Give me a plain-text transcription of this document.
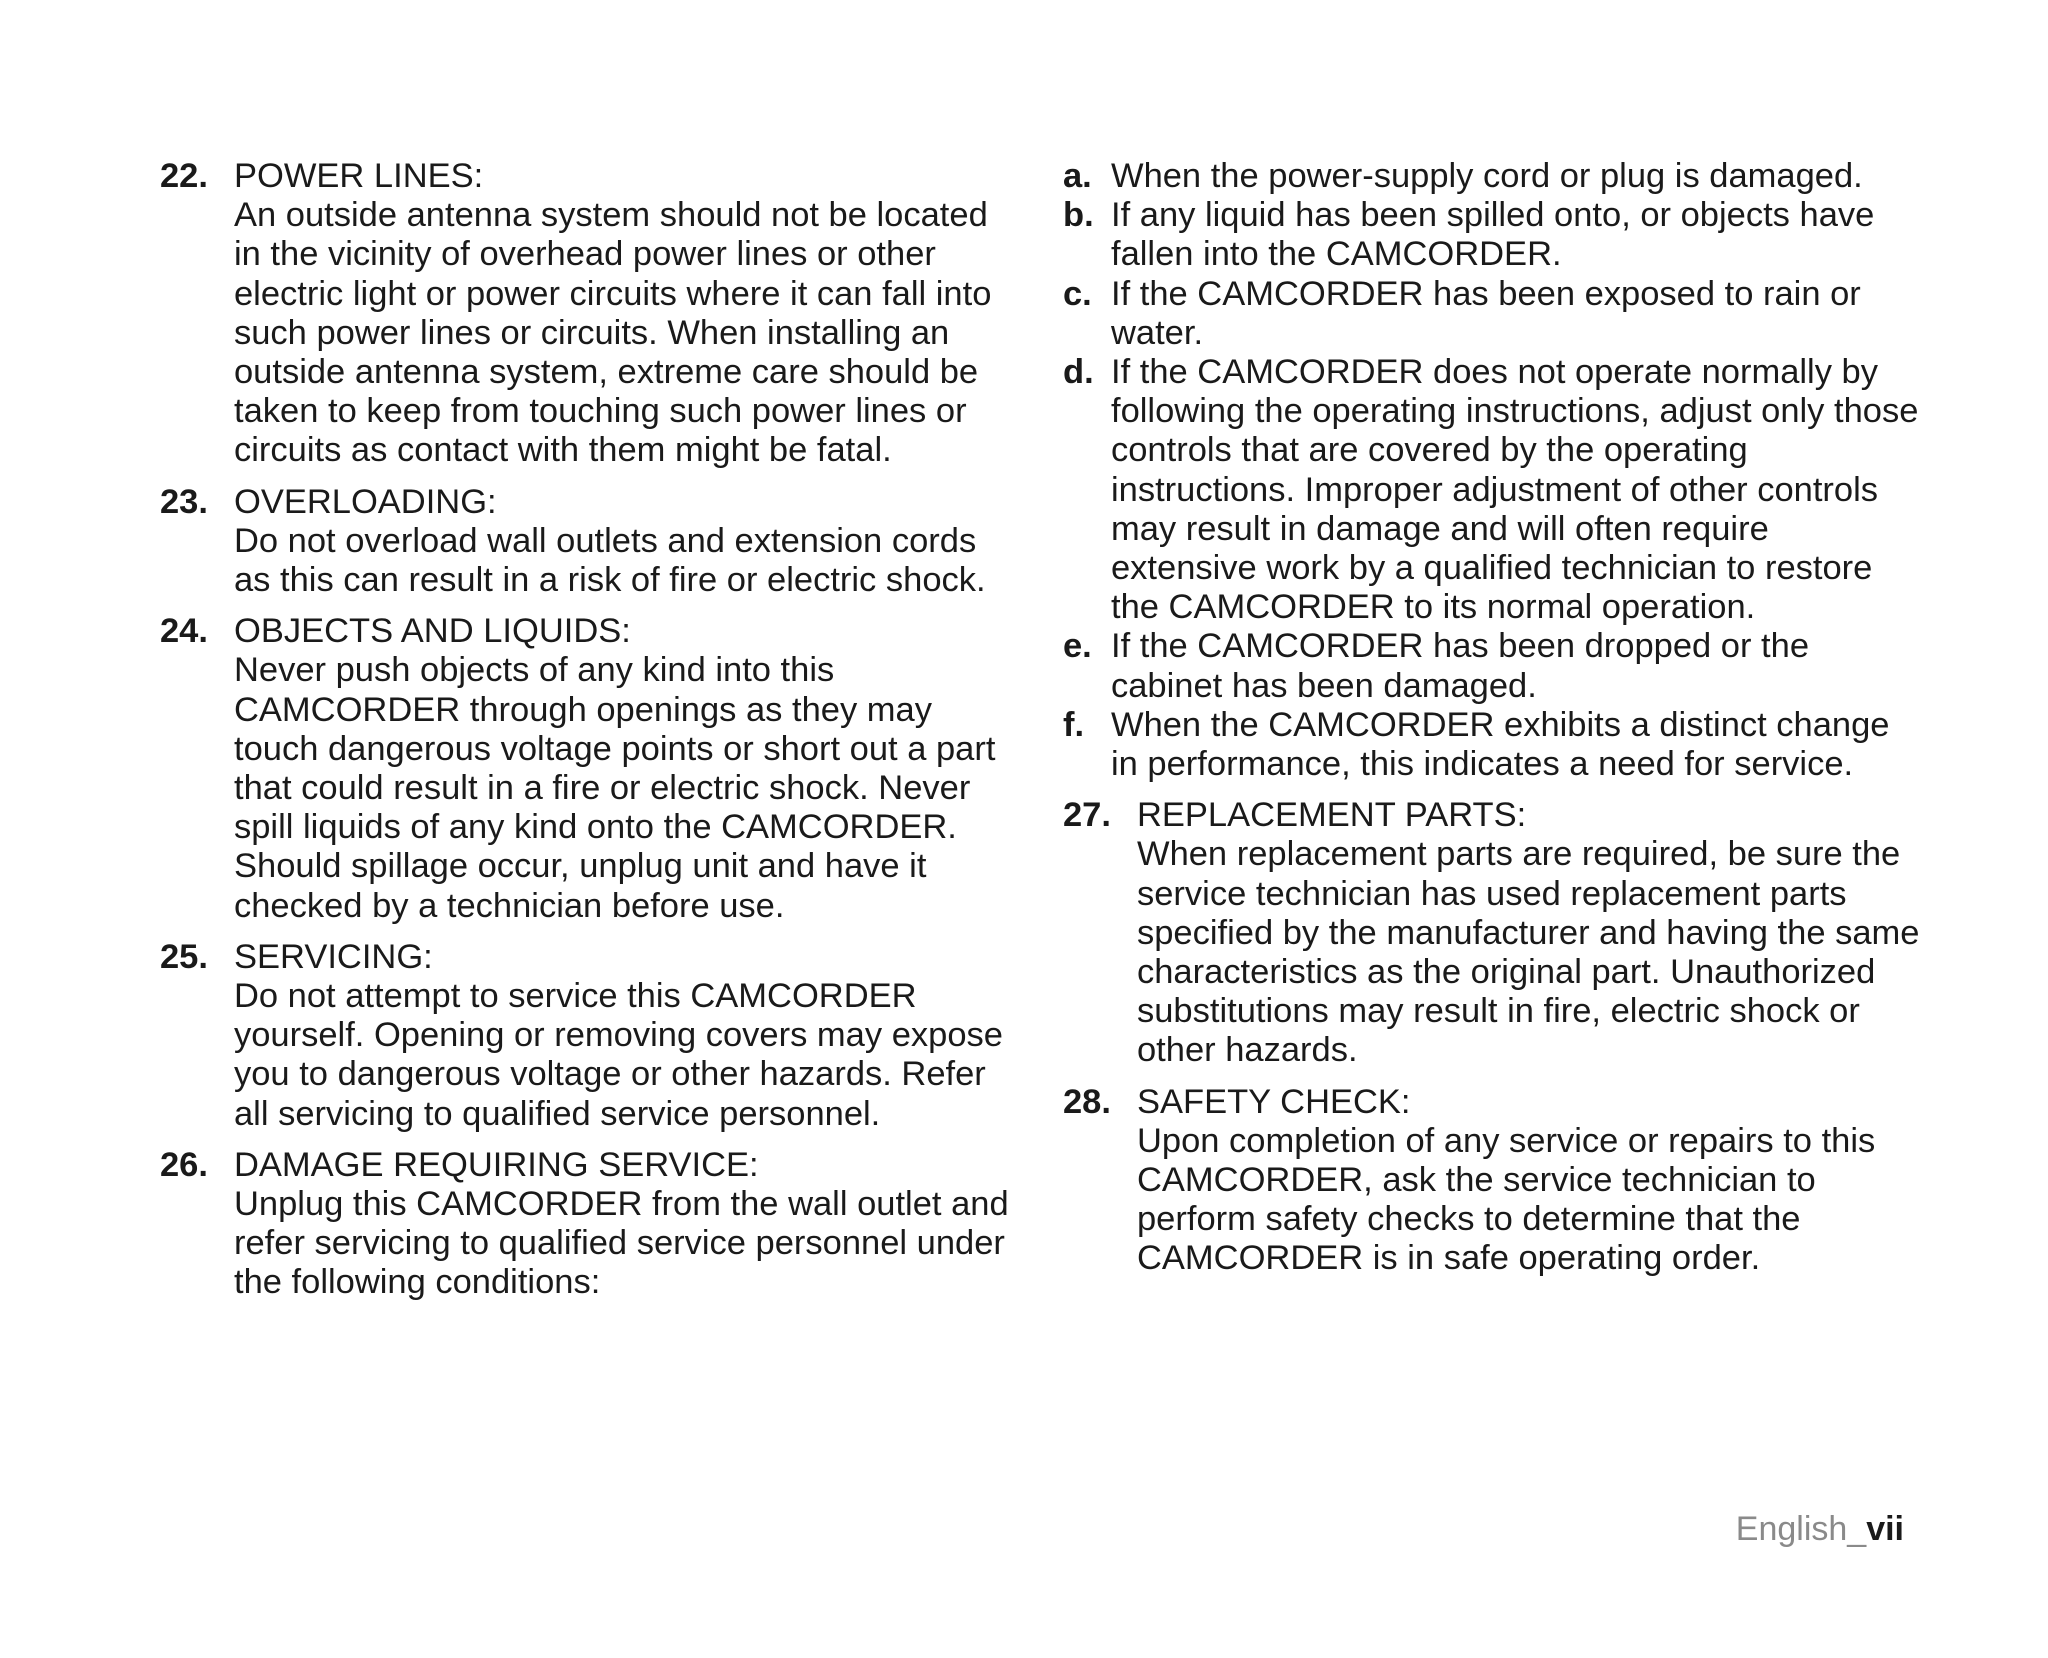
22. POWER LINES:
An outside antenna system should not be located in the vicinity of overhead power lines or other electric light or power circuits where it can fall into such power lines or circuits. When installing an outside antenna system, extreme care should be taken to keep from touching such power lines or circuits as contact with them might be fatal.
23. OVERLOADING:
Do not overload wall outlets and extension cords as this can result in a risk of fire or electric shock.
24. OBJECTS AND LIQUIDS:
Never push objects of any kind into this CAMCORDER through openings as they may touch dangerous voltage points or short out a part that could result in a fire or electric shock. Never spill liquids of any kind onto the CAMCORDER. Should spillage occur, unplug unit and have it checked by a technician before use.
25. SERVICING:
Do not attempt to service this CAMCORDER yourself. Opening or removing covers may expose you to dangerous voltage or other hazards. Refer all servicing to qualified service personnel.
26. DAMAGE REQUIRING SERVICE:
Unplug this CAMCORDER from the wall outlet and refer servicing to qualified service personnel under the following conditions:
a. When the power-supply cord or plug is damaged.
b. If any liquid has been spilled onto, or objects have fallen into the CAMCORDER.
c. If the CAMCORDER has been exposed to rain or water.
d. If the CAMCORDER does not operate normally by following the operating instructions, adjust only those controls that are covered by the operating instructions. Improper adjustment of other controls may result in damage and will often require extensive work by a qualified technician to restore the CAMCORDER to its normal operation.
e. If the CAMCORDER has been dropped or the cabinet has been damaged.
f. When the CAMCORDER exhibits a distinct change in performance, this indicates a need for service.
27. REPLACEMENT PARTS:
When replacement parts are required, be sure the service technician has used replacement parts specified by the manufacturer and having the same characteristics as the original part. Unauthorized substitutions may result in fire, electric shock or other hazards.
28. SAFETY CHECK:
Upon completion of any service or repairs to this CAMCORDER, ask the service technician to perform safety checks to determine that the CAMCORDER is in safe operating order.
English_vii
